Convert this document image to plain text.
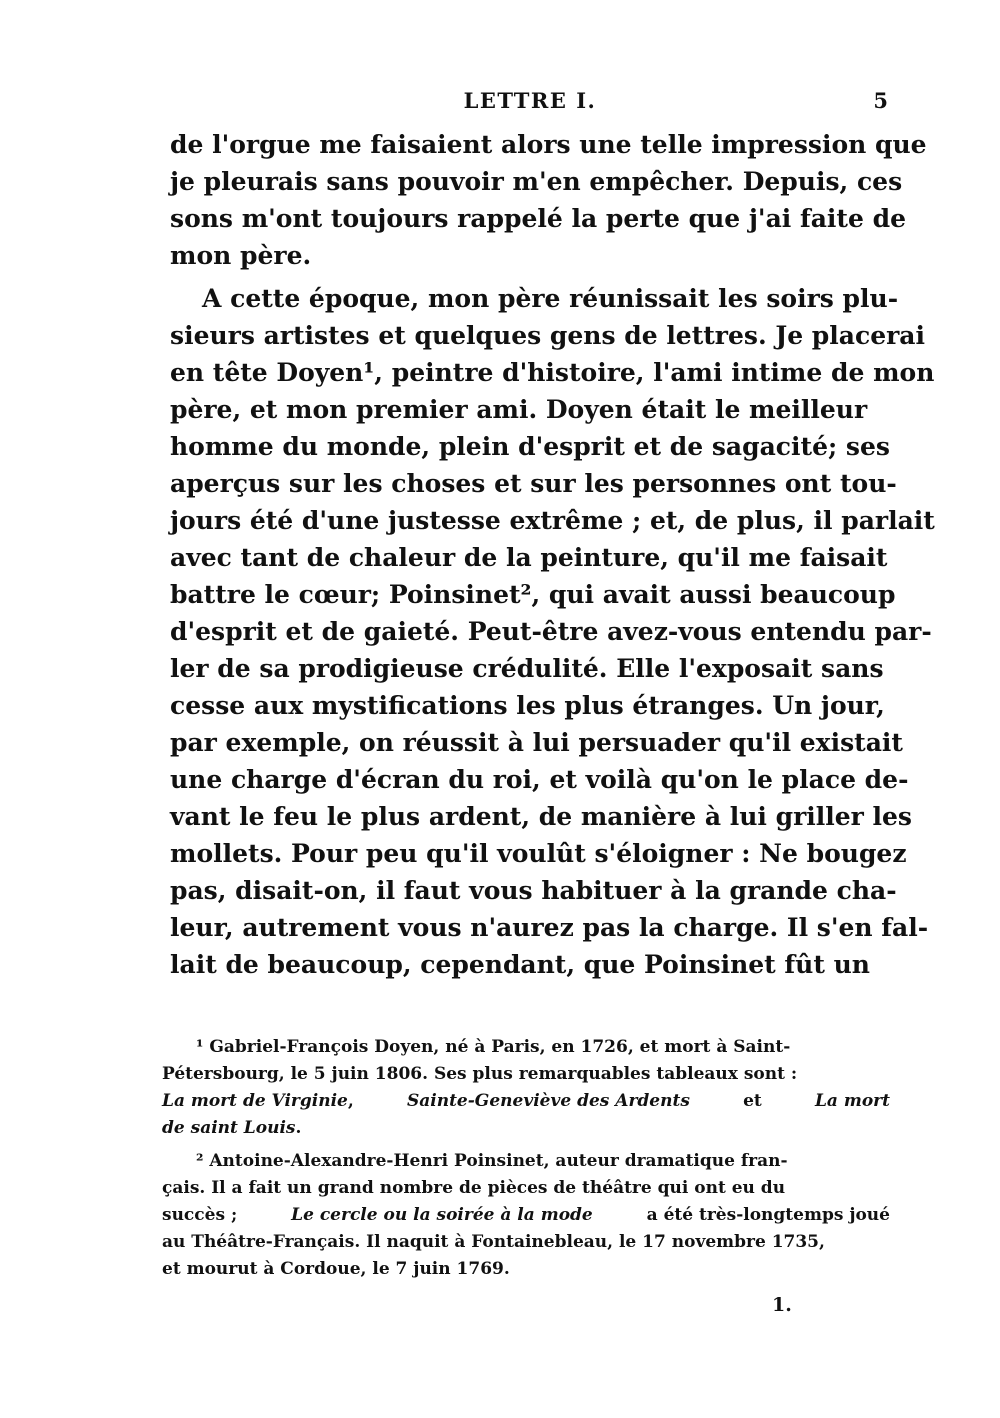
LETTRE I.	5
de l'orgue me faisaient alors une telle impression que
je pleurais sans pouvoir m'en empêcher. Depuis, ces
sons m'ont toujours rappelé la perte que j'ai faite de
mon père.
A cette époque, mon père réunissait les soirs plu-
sieurs artistes et quelques gens de lettres. Je placerai
en tête Doyen¹, peintre d'histoire, l'ami intime de mon
père, et mon premier ami. Doyen était le meilleur
homme du monde, plein d'esprit et de sagacité; ses
aperçus sur les choses et sur les personnes ont tou-
jours été d'une justesse extrême ; et, de plus, il parlait
avec tant de chaleur de la peinture, qu'il me faisait
battre le cœur; Poinsinet², qui avait aussi beaucoup
d'esprit et de gaieté. Peut-être avez-vous entendu par-
ler de sa prodigieuse crédulité. Elle l'exposait sans
cesse aux mystifications les plus étranges. Un jour,
par exemple, on réussit à lui persuader qu'il existait
une charge d'écran du roi, et voilà qu'on le place de-
vant le feu le plus ardent, de manière à lui griller les
mollets. Pour peu qu'il voulût s'éloigner : Ne bougez
pas, disait-on, il faut vous habituer à la grande cha-
leur, autrement vous n'aurez pas la charge. Il s'en fal-
lait de beaucoup, cependant, que Poinsinet fût un
¹ Gabriel-François Doyen, né à Paris, en 1726, et mort à Saint-
Pétersbourg, le 5 juin 1806. Ses plus remarquables tableaux sont :
La mort de Virginie,	Sainte-Geneviève des Ardents	et	La mort
de saint Louis.
² Antoine-Alexandre-Henri Poinsinet, auteur dramatique fran-
çais. Il a fait un grand nombre de pièces de théâtre qui ont eu du
succès ;	Le cercle ou la soirée à la mode	a été très-longtemps joué
au Théâtre-Français. Il naquit à Fontainebleau, le 17 novembre 1735,
et mourut à Cordoue, le 7 juin 1769.
1.
